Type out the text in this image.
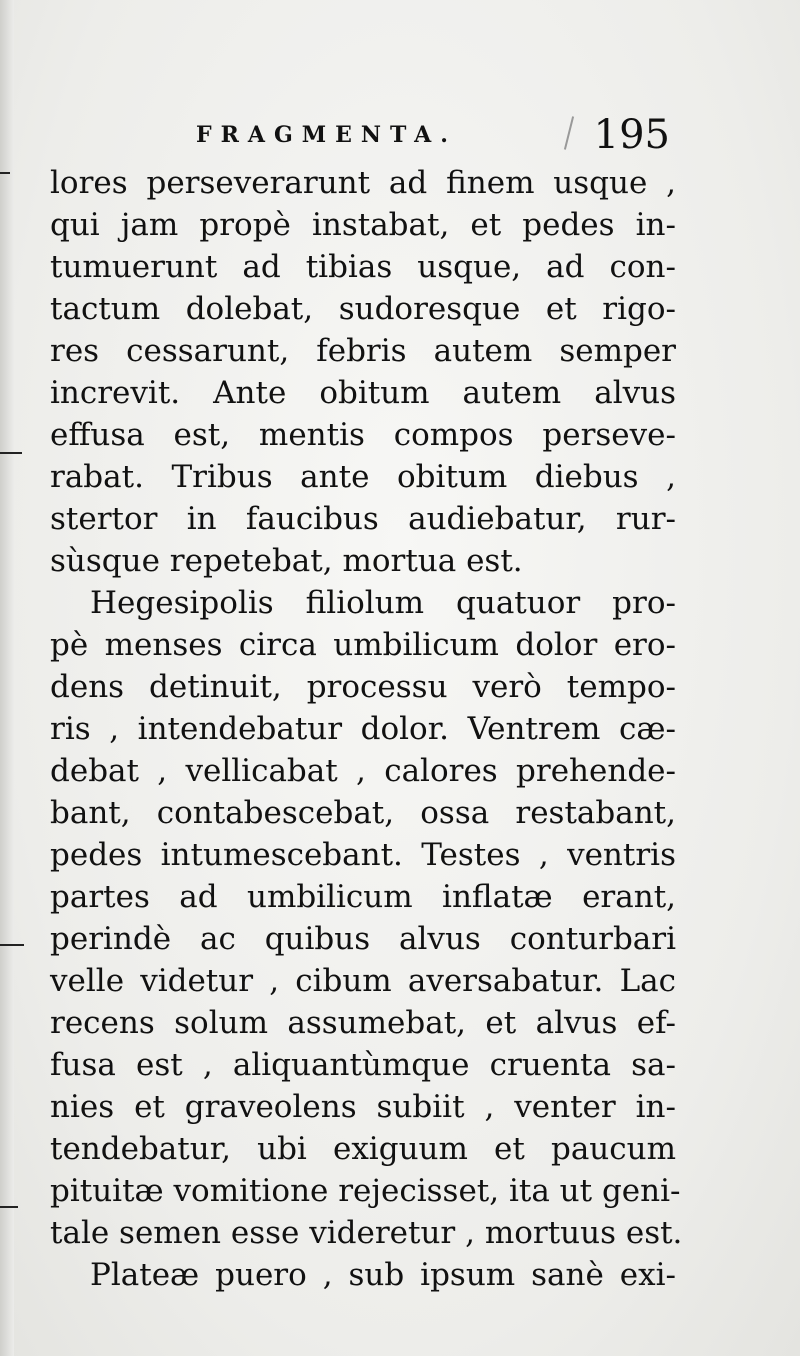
FRAGMENTA.	195
lores perseverarunt ad finem usque ,
qui jam propè instabat, et pedes in-
tumuerunt ad tibias usque, ad con-
tactum dolebat, sudoresque et rigo-
res cessarunt, febris autem semper
increvit. Ante obitum autem alvus
effusa est, mentis compos perseve-
rabat. Tribus ante obitum diebus ,
stertor in faucibus audiebatur, rur-
sùsque repetebat, mortua est.
Hegesipolis filiolum quatuor pro-
pè menses circa umbilicum dolor ero-
dens detinuit, processu verò tempo-
ris , intendebatur dolor. Ventrem cæ-
debat , vellicabat , calores prehende-
bant, contabescebat, ossa restabant,
pedes intumescebant. Testes , ventris
partes ad umbilicum inflatæ erant,
perindè ac quibus alvus conturbari
velle videtur , cibum aversabatur. Lac
recens solum assumebat, et alvus ef-
fusa est , aliquantùmque cruenta sa-
nies et graveolens subiit , venter in-
tendebatur, ubi exiguum et paucum
pituitæ vomitione rejecisset, ita ut geni-
tale semen esse videretur , mortuus est.
Plateæ puero , sub ipsum sanè exi-
